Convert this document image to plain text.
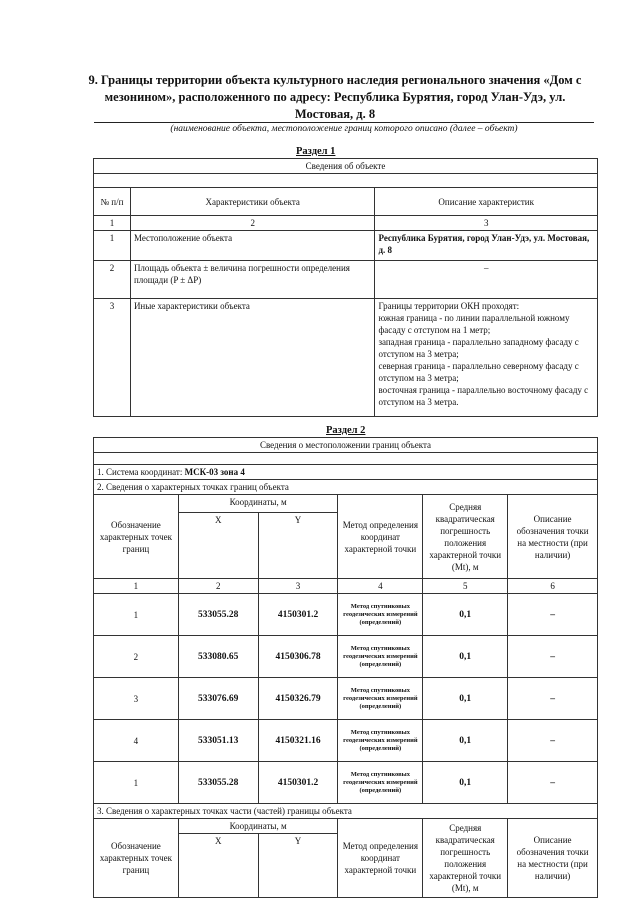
9. Границы территории объекта культурного наследия регионального значения «Дом с мезонином», расположенного по адресу: Республика Бурятия, город Улан-Удэ, ул. Мостовая, д. 8
(наименование объекта, местоположение границ которого описано (далее – объект)
Раздел 1
Сведения об объекте		

№ п/п	Характеристики объекта	Описание характеристик
1	2	3
1	Местоположение объекта	Республика Бурятия, город Улан-Удэ, ул. Мостовая, д. 8
2	Площадь объекта ± величина погрешности определения площади (P ± ΔP)	–
3	Иные характеристики объекта	Границы территории ОКН проходят:
южная граница - по линии параллельной южному фасаду с отступом на 1 метр;
западная граница - параллельно западному фасаду с отступом на 3 метра;
северная граница - параллельно северному фасаду с отступом на 3 метра;
восточная граница - параллельно восточному фасаду с отступом на 3 метра.
Раздел 2
Сведения о местоположении границ объекта					

1. Система координат: МСК-03 зона 4					
2. Сведения о характерных точках границ объекта					
Обозначение характерных точек границ	Координаты, м		Метод определения координат характерной точки	Средняя квадратическая погрешность положения характерной точки (Mt), м	Описание обозначения точки на местности (при наличии)
	X	Y			
1	2	3	4	5	6
1	533055.28	4150301.2	Метод спутниковых геодезических измерений (определений)	0,1	–
2	533080.65	4150306.78	Метод спутниковых геодезических измерений (определений)	0,1	–
3	533076.69	4150326.79	Метод спутниковых геодезических измерений (определений)	0,1	–
4	533051.13	4150321.16	Метод спутниковых геодезических измерений (определений)	0,1	–
1	533055.28	4150301.2	Метод спутниковых геодезических измерений (определений)	0,1	–
3. Сведения о характерных точках части (частей) границы объекта					
Обозначение характерных точек границ	Координаты, м		Метод определения координат характерной точки	Средняя квадратическая погрешность положения характерной точки (Mt), м	Описание обозначения точки на местности (при наличии)
	X	Y			
